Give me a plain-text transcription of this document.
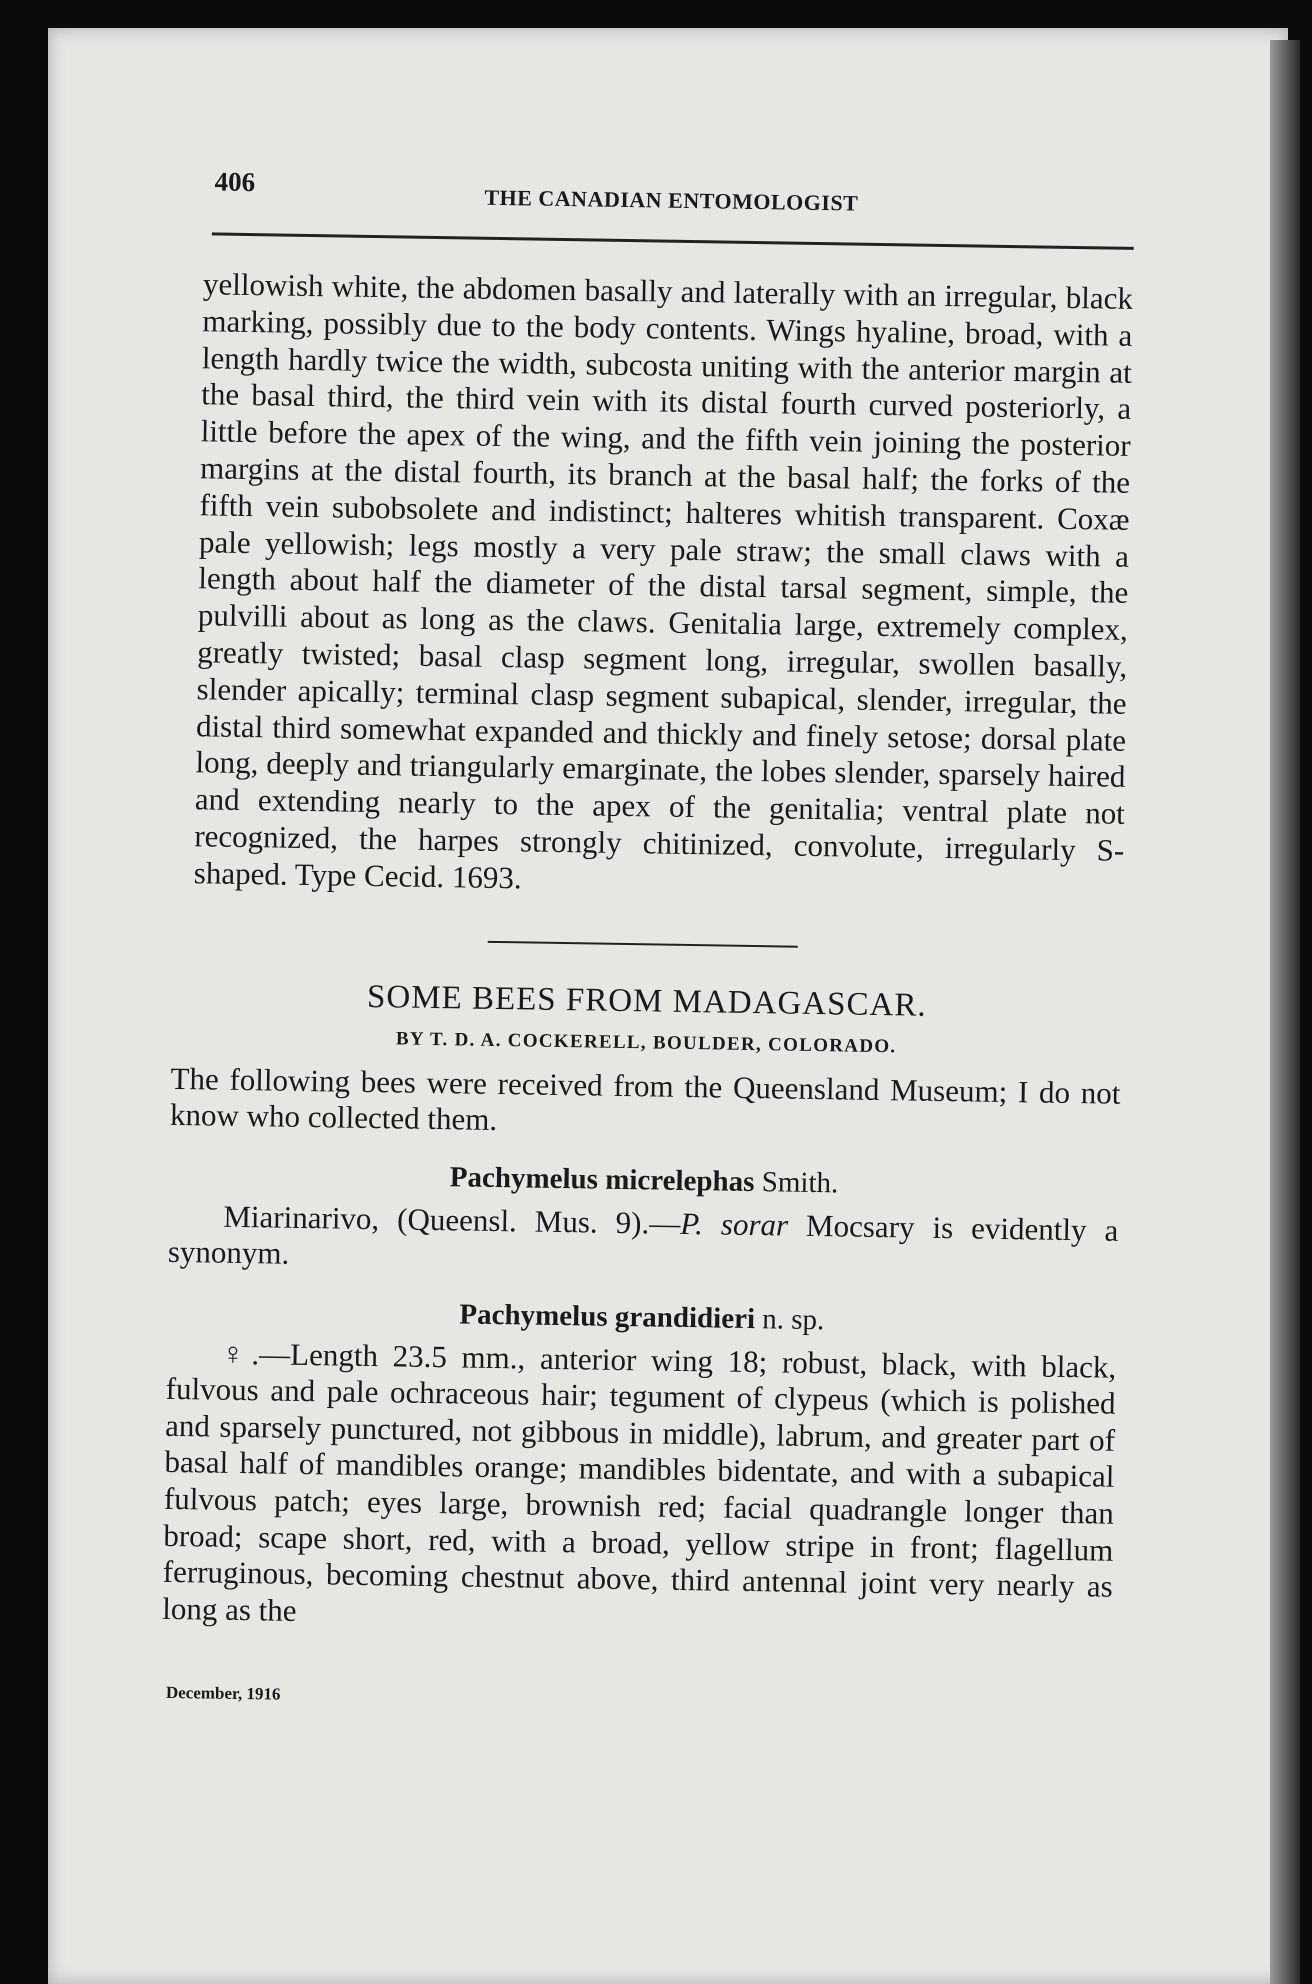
406
THE CANADIAN ENTOMOLOGIST

yellowish white, the abdomen basally and laterally with an irregular, black marking, possibly due to the body contents. Wings hyaline, broad, with a length hardly twice the width, subcosta uniting with the anterior margin at the basal third, the third vein with its distal fourth curved posteriorly, a little before the apex of the wing, and the fifth vein joining the posterior margins at the distal fourth, its branch at the basal half; the forks of the fifth vein subobsolete and indistinct; halteres whitish transparent. Coxæ pale yellowish; legs mostly a very pale straw; the small claws with a length about half the diameter of the distal tarsal segment, simple, the pulvilli about as long as the claws. Genitalia large, extremely complex, greatly twisted; basal clasp segment long, irregular, swollen basally, slender apically; terminal clasp segment subapical, slender, irregular, the distal third somewhat expanded and thickly and finely setose; dorsal plate long, deeply and triangularly emarginate, the lobes slender, sparsely haired and extending nearly to the apex of the genitalia; ventral plate not recognized, the harpes strongly chitinized, convolute, irregularly S-shaped. Type Cecid. 1693.

SOME BEES FROM MADAGASCAR.
BY T. D. A. COCKERELL, BOULDER, COLORADO.

The following bees were received from the Queensland Museum; I do not know who collected them.

Pachymelus micrelephas Smith.

Miarinarivo, (Queensl. Mus. 9).—P. sorar Mocsary is evidently a synonym.

Pachymelus grandidieri n. sp.

♀.—Length 23.5 mm., anterior wing 18; robust, black, with black, fulvous and pale ochraceous hair; tegument of clypeus (which is polished and sparsely punctured, not gibbous in middle), labrum, and greater part of basal half of mandibles orange; mandibles bidentate, and with a subapical fulvous patch; eyes large, brownish red; facial quadrangle longer than broad; scape short, red, with a broad, yellow stripe in front; flagellum ferruginous, becoming chestnut above, third antennal joint very nearly as long as the

December, 1916
